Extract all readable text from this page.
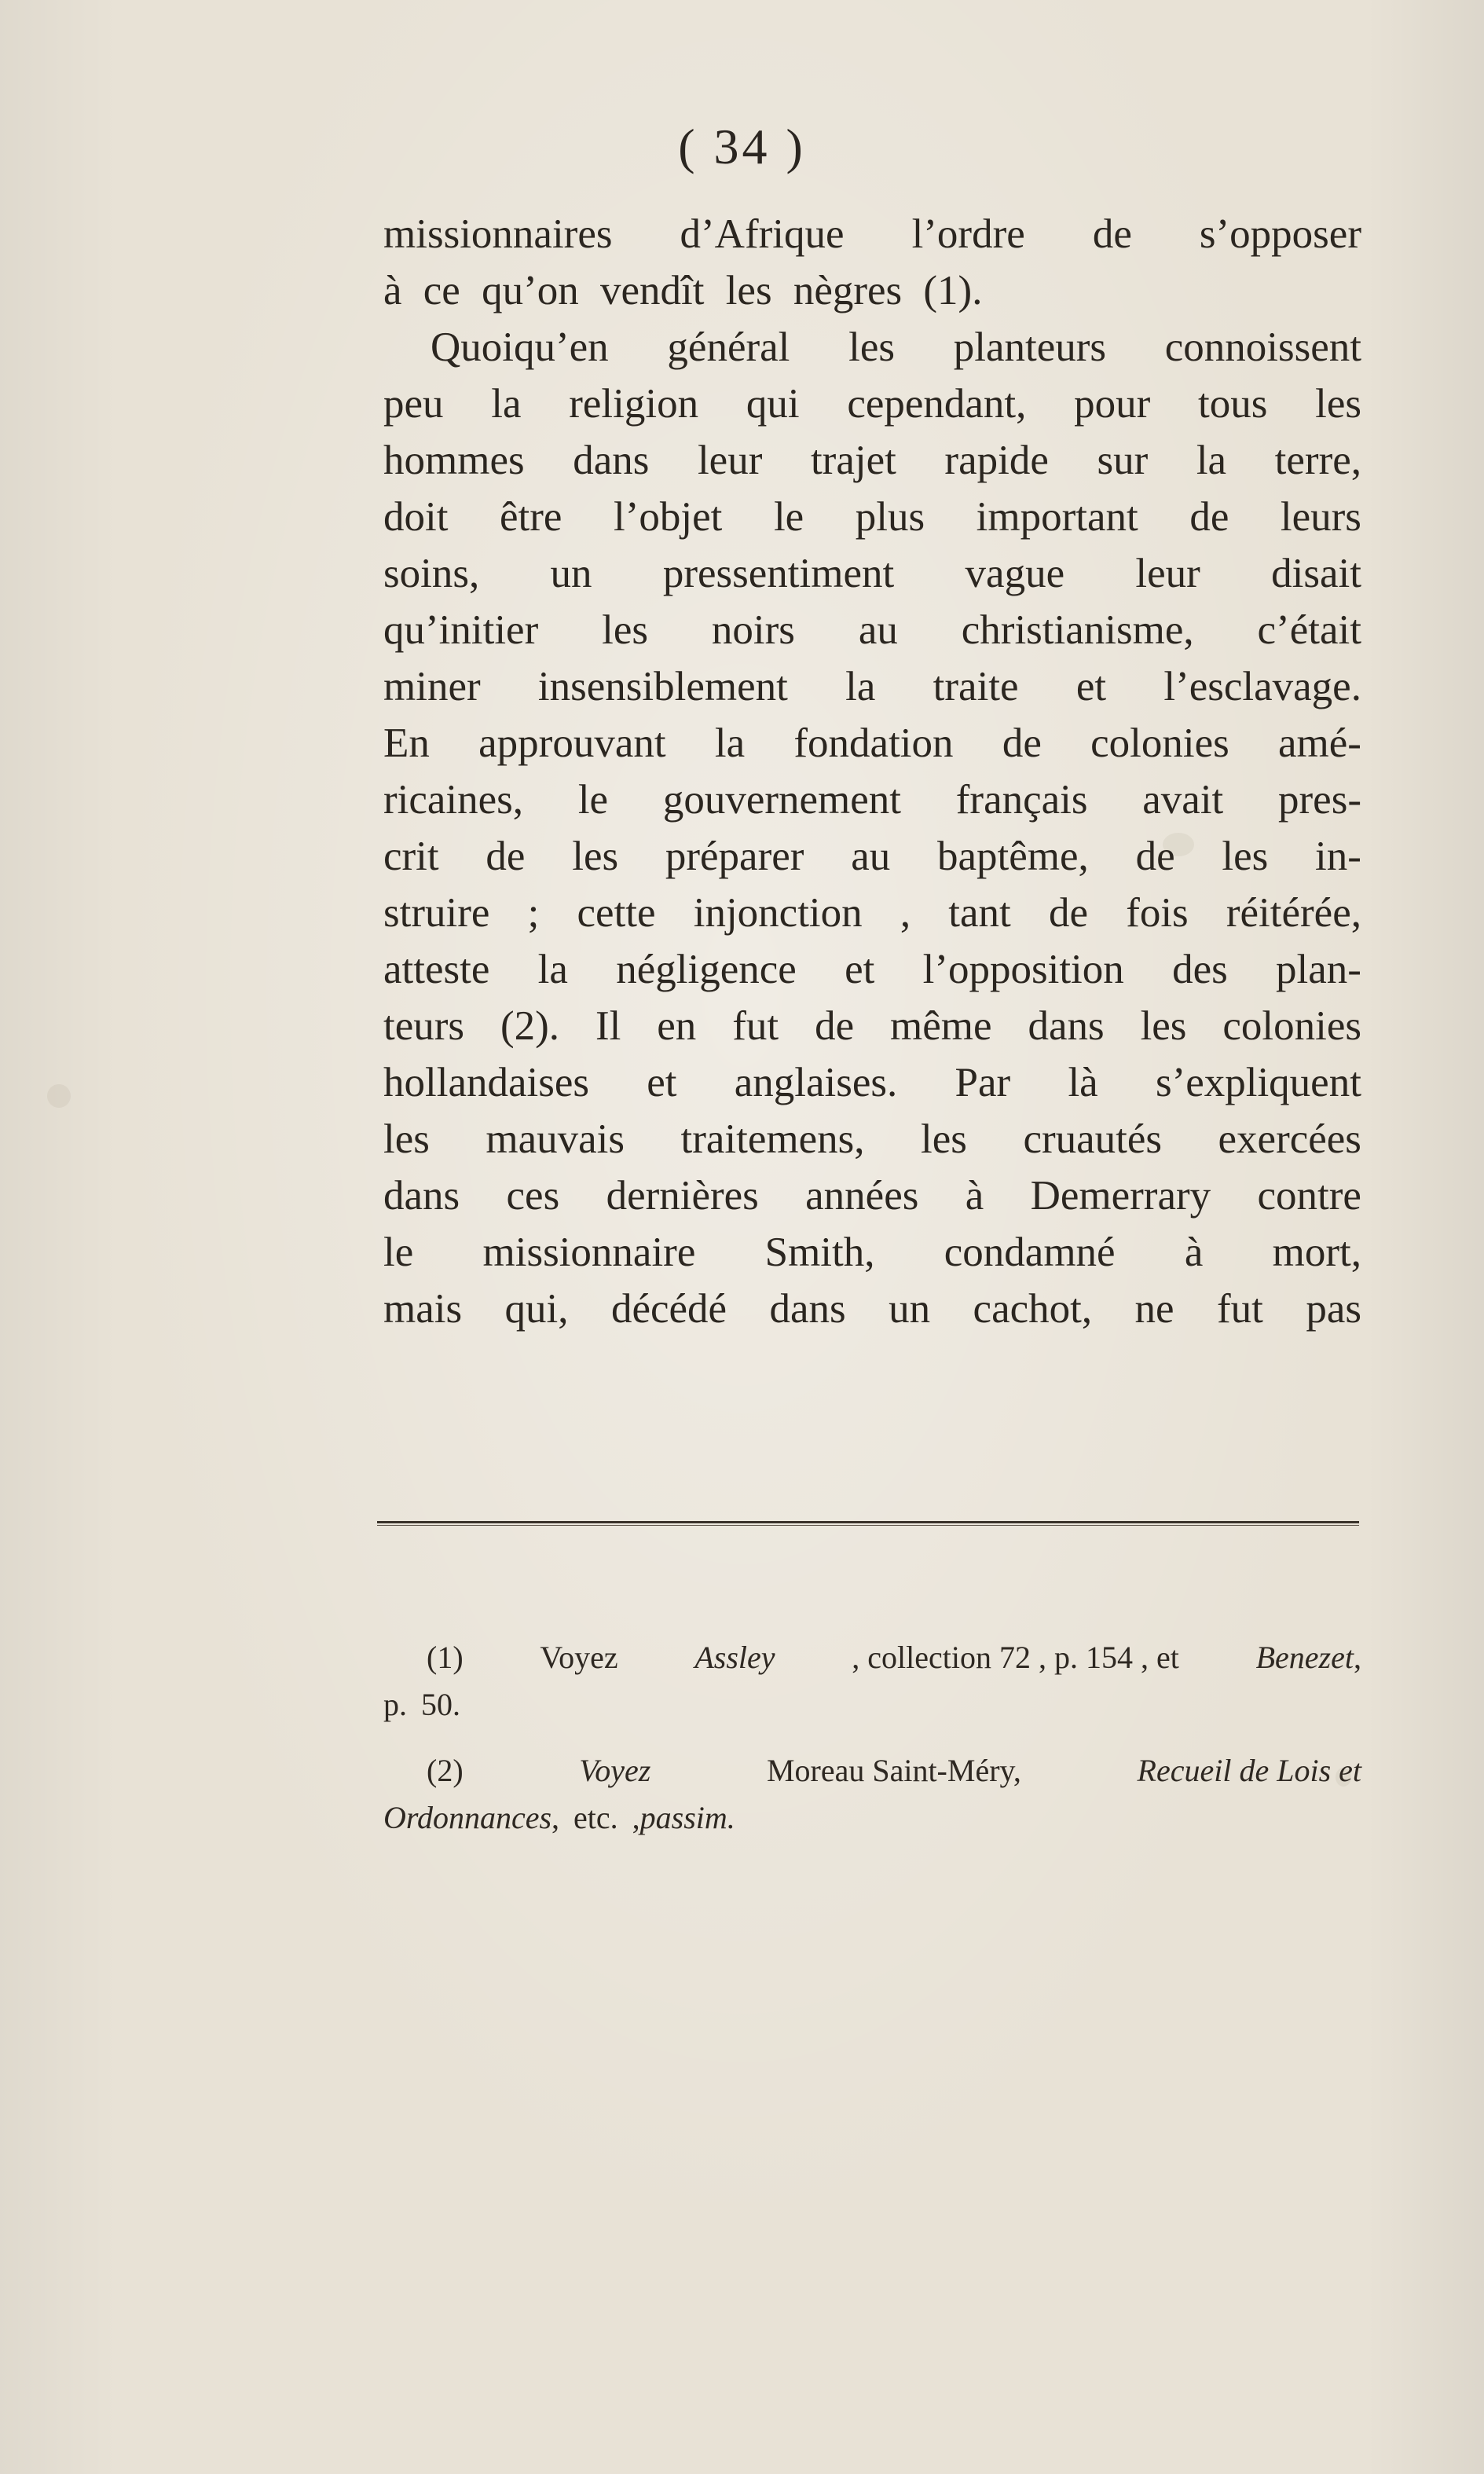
( 34 )
missionnaires d’Afrique l’ordre de s’opposer
à ce qu’on vendît les nègres (1).
Quoiqu’en général les planteurs connoissent
peu la religion qui cependant, pour tous les
hommes dans leur trajet rapide sur la terre,
doit être l’objet le plus important de leurs
soins, un pressentiment vague leur disait
qu’initier les noirs au christianisme, c’était
miner insensiblement la traite et l’esclavage.
En approuvant la fondation de colonies amé-
ricaines, le gouvernement français avait pres-
crit de les préparer au baptême, de les in-
struire ; cette injonction , tant de fois réitérée,
atteste la négligence et l’opposition des plan-
teurs (2). Il en fut de même dans les colonies
hollandaises et anglaises. Par là s’expliquent
les mauvais traitemens, les cruautés exercées
dans ces dernières années à Demerrary contre
le missionnaire Smith, condamné à mort,
mais qui, décédé dans un cachot, ne fut pas
(1) Voyez Assley , collection 72 , p. 154 , et Benezet,
p. 50.
(2)	Voyez	Moreau Saint-Méry,	Recueil de Lois et
Ordonnances, etc. , passim.
